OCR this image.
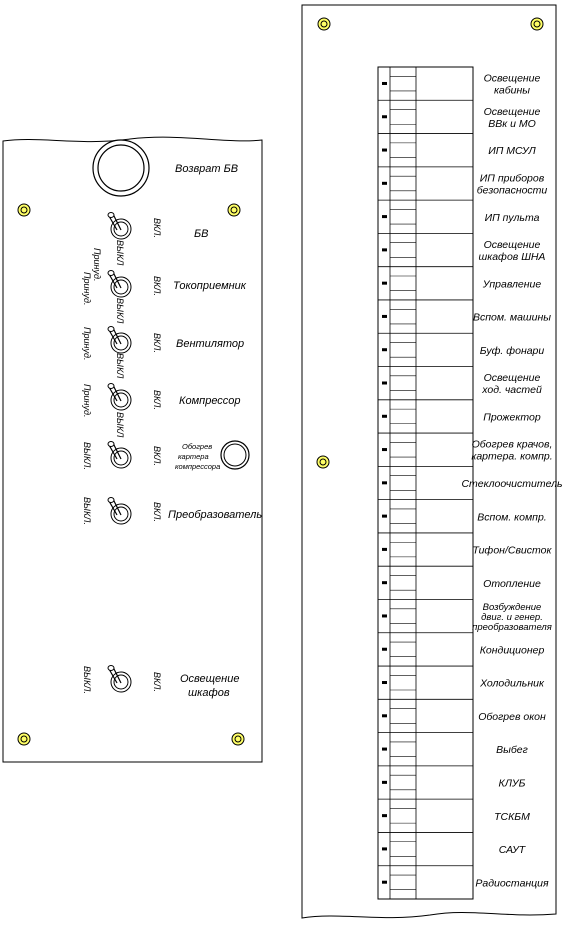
Возврат БВ
Принуд. ВЫКЛ
ВКЛ.	БВ
Принуд.
ВЫКЛ
ВКЛ. Токоприемник
Принуд.
ВЫКЛ
ВКЛ. Вентилятор
Принуд.
ВЫКЛ
ВКЛ. Компрессор
ВЫКЛ.	ВКЛ.	Обогрев
картера
компрессора
ВЫКЛ.	ВКЛ. Преобразователь
ВЫКЛ.	ВКЛ. Освещение
шкафов
Освещение
кабины
Освещение
ВВк и МО
ИП МСУЛ
ИП приборов
безопасности
ИП пульта
Освещение
шкафов ШНА
Управление
Вспом. машины
Буф. фонари
Освещение
ход. частей
Прожектор
Обогрев крачов,
картера. компр.
Стеклоочиститель
Вспом. компр.
Тифон/Свисток
Отопление
Возбуждение
двиг. и генер.
преобразователя
Кондиционер
Холодильник
Обогрев окон
Выбег
КЛУБ
ТСКБМ
САУТ
Радиостанция
